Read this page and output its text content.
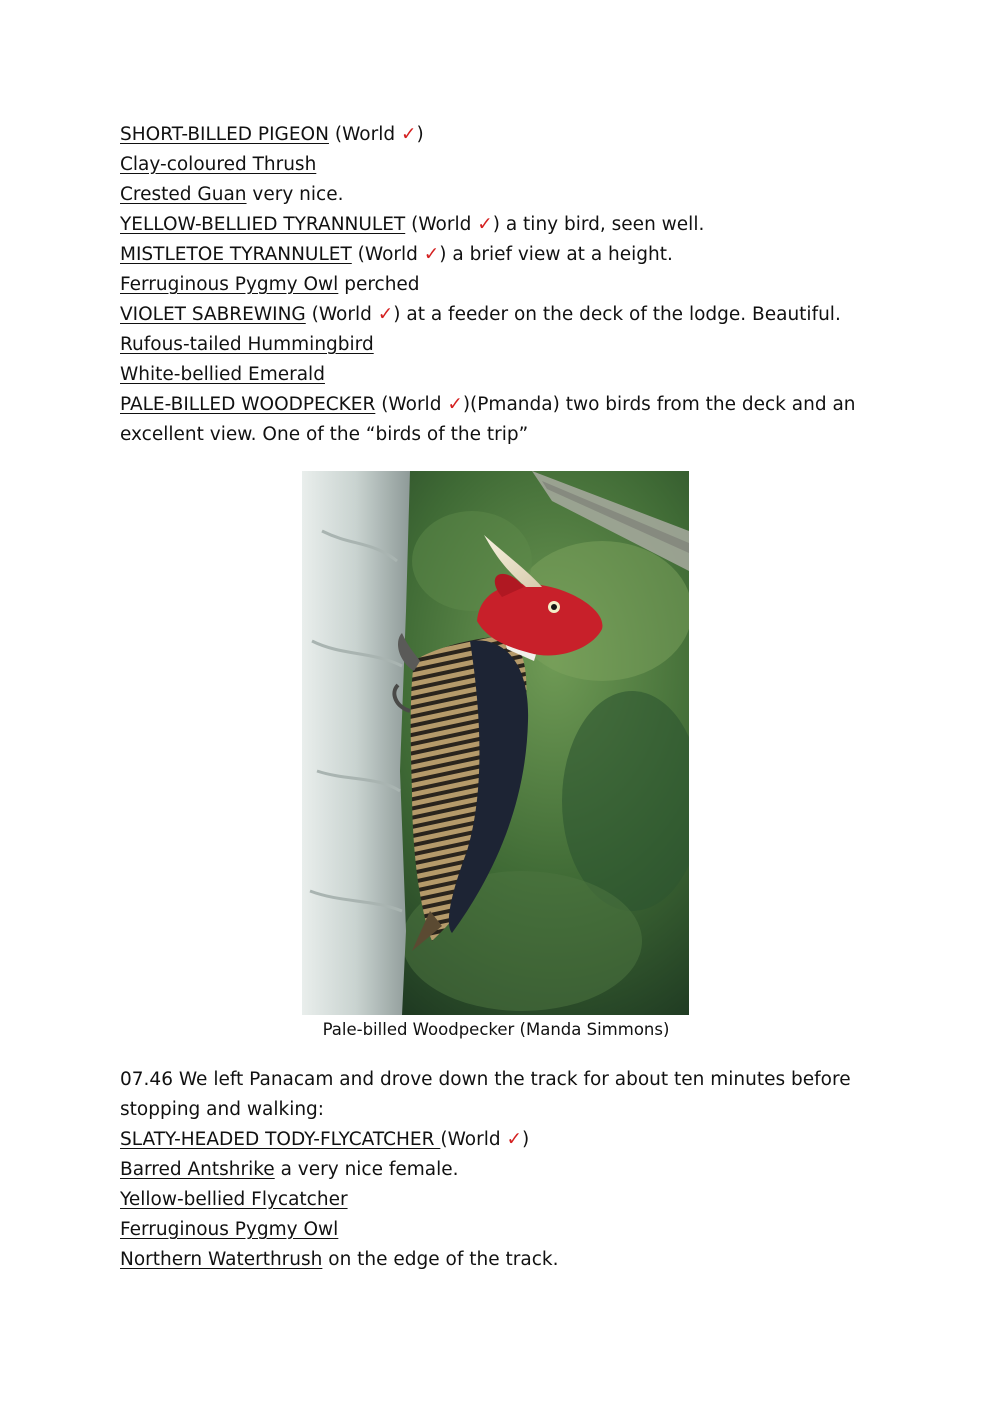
SHORT-BILLED PIGEON (World ✓)
Clay-coloured Thrush
Crested Guan very nice.
YELLOW-BELLIED TYRANNULET (World ✓) a tiny bird, seen well.
MISTLETOE TYRANNULET (World ✓) a brief view at a height.
Ferruginous Pygmy Owl perched
VIOLET SABREWING (World ✓) at a feeder on the deck of the lodge. Beautiful.
Rufous-tailed Hummingbird
White-bellied Emerald
PALE-BILLED WOODPECKER (World ✓)(Pmanda) two birds from the deck and an excellent view. One of the “birds of the trip”
Pale-billed Woodpecker (Manda Simmons)
07.46 We left Panacam and drove down the track for about ten minutes before stopping and walking:
SLATY-HEADED TODY-FLYCATCHER (World ✓)
Barred Antshrike a very nice female.
Yellow-bellied Flycatcher
Ferruginous Pygmy Owl
Northern Waterthrush on the edge of the track.
